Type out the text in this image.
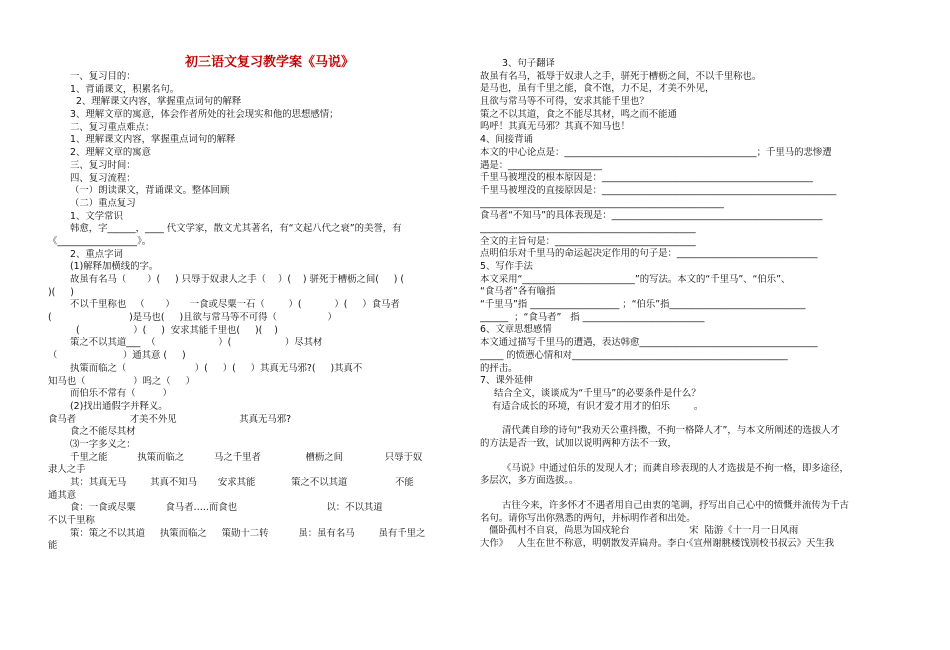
初三语文复习教学案《马说》
一、复习目的：
1、背诵课文，积累名句。
2、理解课文内容，掌握重点词句的解释
3、理解文章的寓意，体会作者所处的社会现实和他的思想感情；
二、复习重点难点：
1、理解课文内容，掌握重点词句的解释
2、理解文章的寓意
三、复习时间：
四、复习流程：
（一）朗读课文，背诵课文。整体回顾
（二）重点复习
1、文学常识
韩愈，字______，____ 代文学家，散文尤其著名，有“文起八代之衰”的美誉，有
《_________________》。
2、重点字词
(1)解释加横线的字。
故虽有名马（       ）(     ) 只辱于奴隶人之手（    ）(    ) 骈死于槽枥之间(     ) (
)(     )
不以千里称也   （       ）     一食或尽粟一石（        ）(           ）(     ）食马者
(                          )是马也(     )且欲与常马等不可得（                 ）
(                  ）(     )  安求其能千里也(     )(    )
策之不以其道___  （                     ）(                  ）尽其材
（                      ）通其意 (     )
执策而临之（                       ）(     ）(     ）其真无马邪?(     )其真不
知马也（                ）呜之（     ）
而伯乐不常有（         ）
(2)找出通假字并释义。
食马者                  才美不外见                     其真无马邪?
食之不能尽其材
⑶一字多义之：
千里之能          执策而临之          马之千里者               槽枥之间              只辱于奴
隶人之手
其：其真无马        其真不知马       安求其能            策之不以其道                不能
通其意
食：一食或尽粟          食马者…..而食也                              以：不以其道
不以千里称
策：策之不以其道     执策而临之     策勋十二转          虽：虽有名马        虽有千里之
能
3、句子翻译
故虽有名马，祗辱于奴隶人之手，骈死于槽枥之间，不以千里称也。
是马也，虽有千里之能，食不饱，力不足，才美不外见，
且欲与常马等不可得，安求其能千里也？
策之不以其道，食之不能尽其材，鸣之而不能通
呜呼！其真无马邪？其真不知马也！
4、间接背诵
本文的中心论点是：_________________________________________；千里马的悲惨遭
遇是：____________________
千里马被埋没的根本原因是：_____________________________________________
千里马被埋没的直接原因是：__________________________________________________
____________________________________________________
食马者“不知马”的具体表现是：_____________________________________________
______________________________________________
全文的主旨句是：______________________________
点明伯乐对千里马的命运起决定作用的句子是：______________________________
5、写作手法
本文采用“________________________”的写法。本文的“千里马”、“伯乐”、
“食马者”各有喻指
“千里马”指 ___________________ ；“伯乐”指_____________________________
______  ；“食马者”   指 __________________________
6、文章思想感情
本文通过描写千里马的遭遇，表达韩愈______________________________________
_____ 的愤懑心情和对______________________________________________
的抨击。
7、课外延伸
结合全文，谈谈成为“千里马”的必要条件是什么？
有适合成长的环境，有识才爱才用才的伯乐        。
清代龚自珍的诗句“我劝天公重抖擞，不拘一格降人才”，与本文所阐述的选拔人才
的方法是否一致，试加以说明两种方法不一致，
《马说》中通过伯乐的发现人才；而龚自珍表现的人才选拔是不拘一格，即多途径，
多层次，多方面选拔。。
古往今来，许多怀才不遇者用自己由衷的笔调，抒写出自己心中的愤慨并流传为千古
名句。请你写出你熟悉的两句，并标明作者和出处。
僵卧孤村不自哀，尚思为国戍轮台                    宋  陆游《十一月一日风雨
大作》   人生在世不称意，明朝散发弄扁舟。李白·《宣州谢脁楼饯别校书叔云》天生我
